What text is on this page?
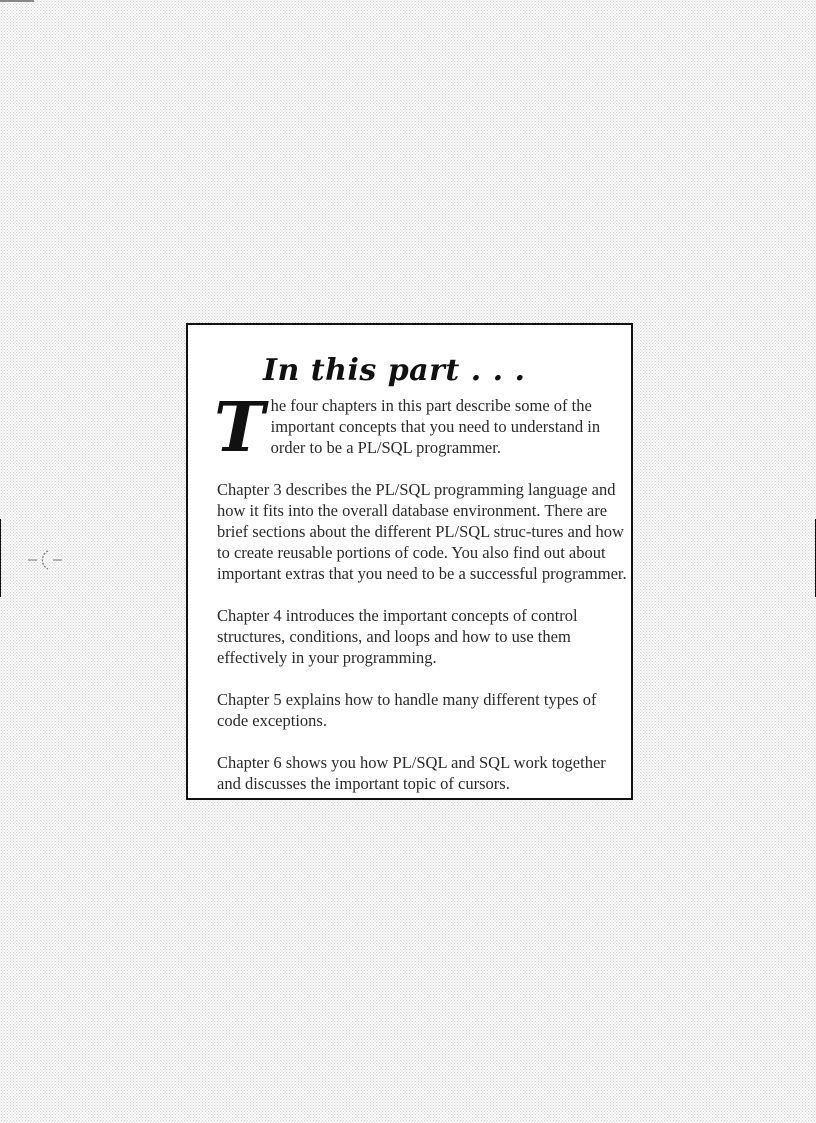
In this part . . .

The four chapters in this part describe some of the important concepts that you need to understand in order to be a PL/SQL programmer.

Chapter 3 describes the PL/SQL programming language and how it fits into the overall database environment. There are brief sections about the different PL/SQL struc-tures and how to create reusable portions of code. You also find out about important extras that you need to be a successful programmer.

Chapter 4 introduces the important concepts of control structures, conditions, and loops and how to use them effectively in your programming.

Chapter 5 explains how to handle many different types of code exceptions.

Chapter 6 shows you how PL/SQL and SQL work together and discusses the important topic of cursors.
